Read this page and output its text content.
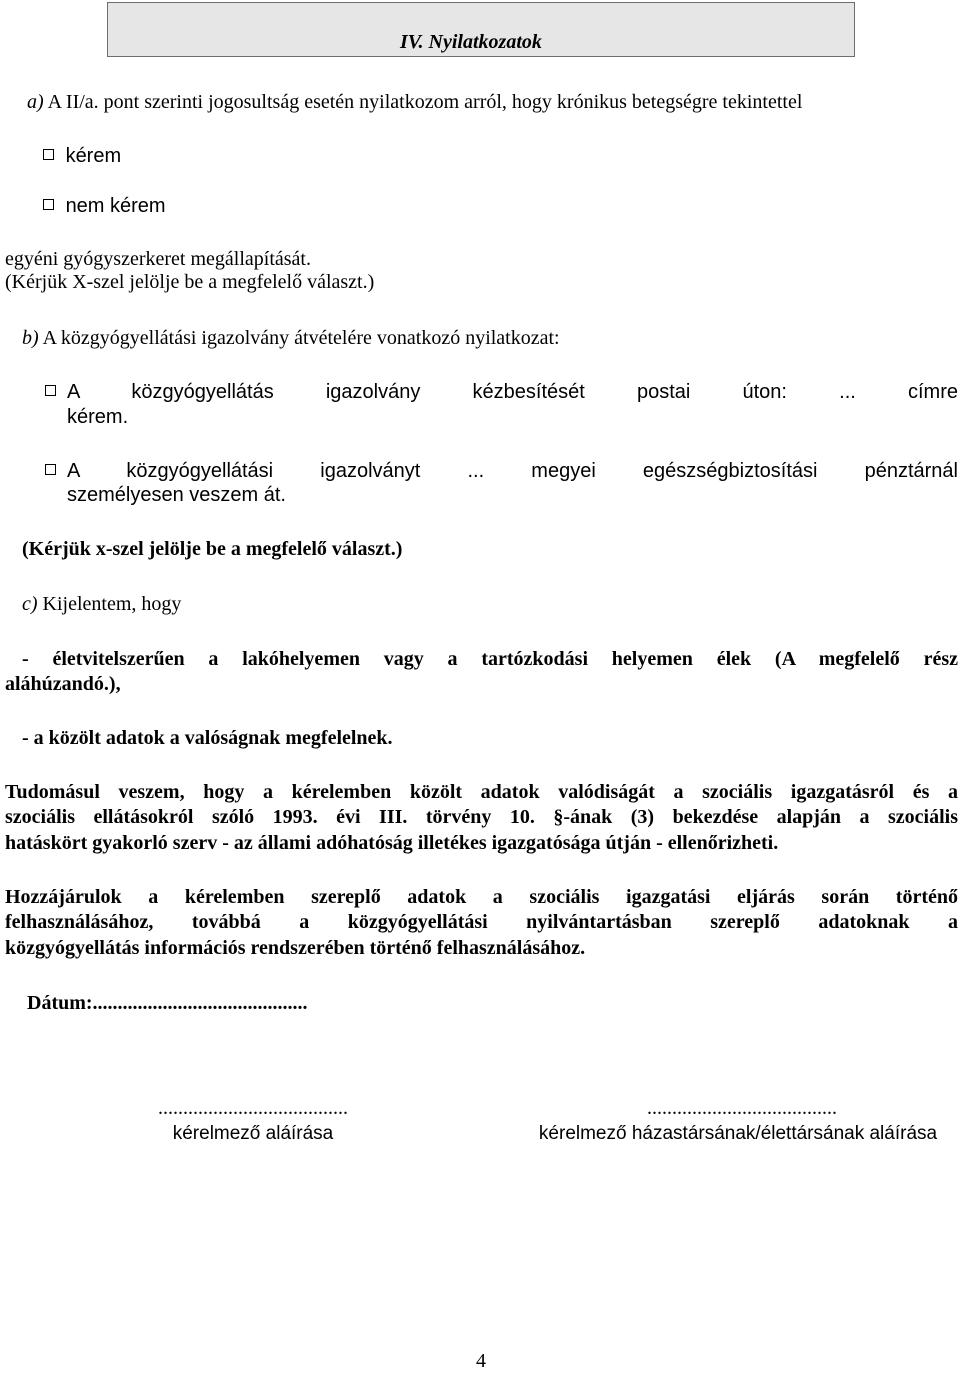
IV. Nyilatkozatok
a) A II/a. pont szerinti jogosultság esetén nyilatkozom arról, hogy krónikus betegségre tekintettel
kérem
nem kérem
egyéni gyógyszerkeret megállapítását.
(Kérjük X-szel jelölje be a megfelelő választ.)
b) A közgyógyellátási igazolvány átvételére vonatkozó nyilatkozat:
A közgyógyellátás igazolvány kézbesítését postai úton: ... címre
kérem.
A közgyógyellátási igazolványt ... megyei egészségbiztosítási pénztárnál
személyesen veszem át.
(Kérjük x-szel jelölje be a megfelelő választ.)
c) Kijelentem, hogy
- életvitelszerűen a lakóhelyemen vagy a tartózkodási helyemen élek (A megfelelő rész
aláhúzandó.),
- a közölt adatok a valóságnak megfelelnek.
Tudomásul veszem, hogy a kérelemben közölt adatok valódiságát a szociális igazgatásról és a
szociális ellátásokról szóló 1993. évi III. törvény 10. §-ának (3) bekezdése alapján a szociális
hatáskört gyakorló szerv - az állami adóhatóság illetékes igazgatósága útján - ellenőrizheti.
Hozzájárulok a kérelemben szereplő adatok a szociális igazgatási eljárás során történő
felhasználásához, továbbá a közgyógyellátási nyilvántartásban szereplő adatoknak a
közgyógyellátás információs rendszerében történő felhasználásához.
Dátum:...........................................
......................................
kérelmező aláírása
......................................
kérelmező házastársának/élettársának aláírása
4
